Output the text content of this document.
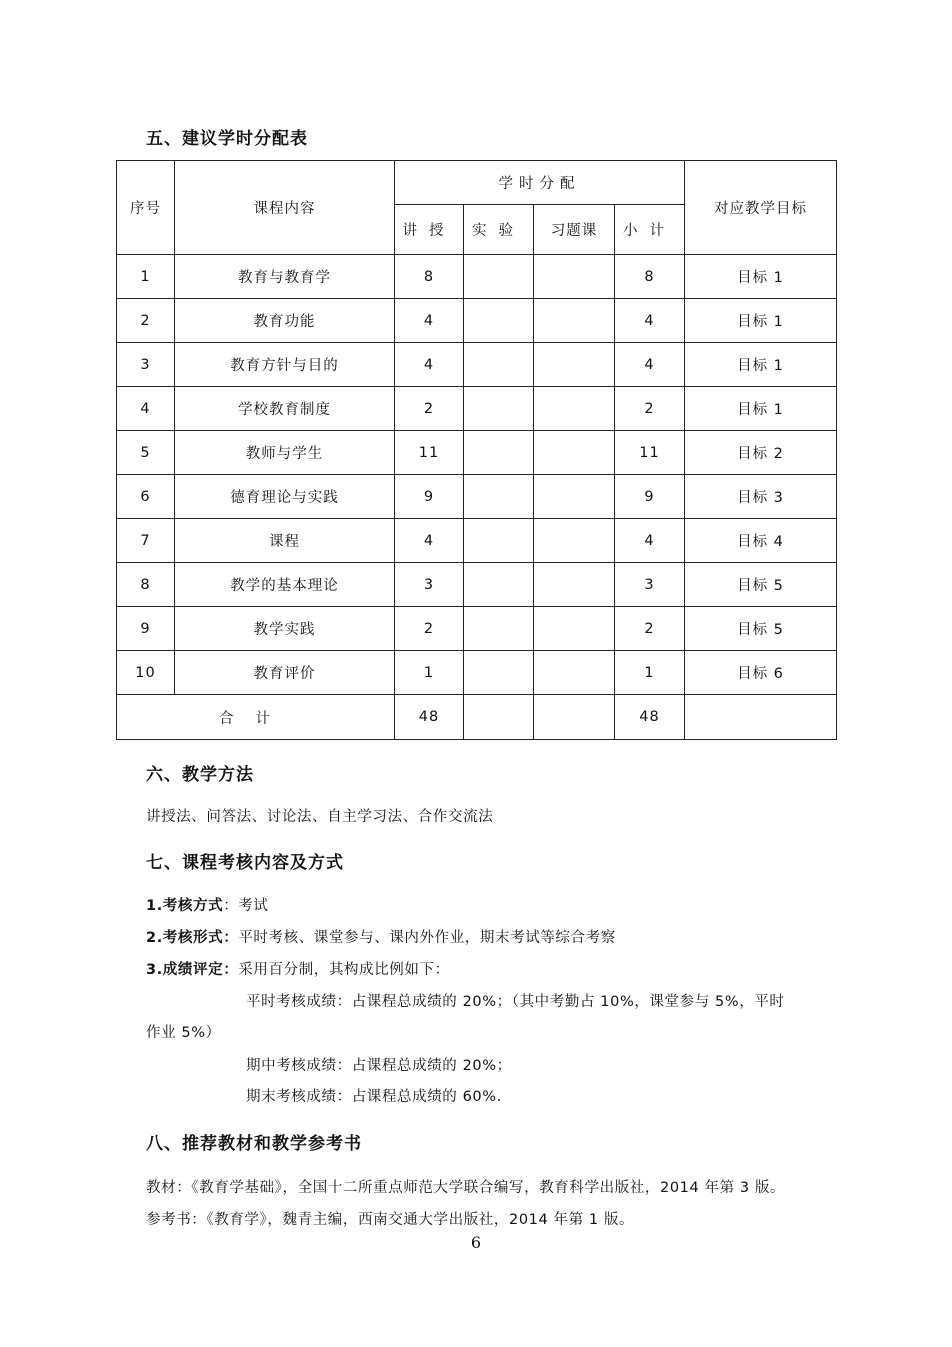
五、建议学时分配表
序号	课程内容	学时分配				对应教学目标
		讲授	实验	习题课	小计	
1	教育与教育学	8			8	目标 1
2	教育功能	4			4	目标 1
3	教育方针与目的	4			4	目标 1
4	学校教育制度	2			2	目标 1
5	教师与学生	11			11	目标 2
6	德育理论与实践	9			9	目标 3
7	课程	4			4	目标 4
8	教学的基本理论	3			3	目标 5
9	教学实践	2			2	目标 5
10	教育评价	1			1	目标 6
合计		48			48	
六、教学方法
讲授法、问答法、讨论法、自主学习法、合作交流法
七、课程考核内容及方式
1.考核方式：考试
2.考核形式：平时考核、课堂参与、课内外作业，期末考试等综合考察
3.成绩评定：采用百分制，其构成比例如下：
平时考核成绩：占课程总成绩的 20%；（其中考勤占 10%，课堂参与 5%，平时
作业 5%）
期中考核成绩：占课程总成绩的 20%；
期末考核成绩：占课程总成绩的 60%.
八、推荐教材和教学参考书
教材：《教育学基础》，全国十二所重点师范大学联合编写，教育科学出版社，2014 年第 3 版。
参考书：《教育学》，魏青主编，西南交通大学出版社，2014 年第 1 版。
6
